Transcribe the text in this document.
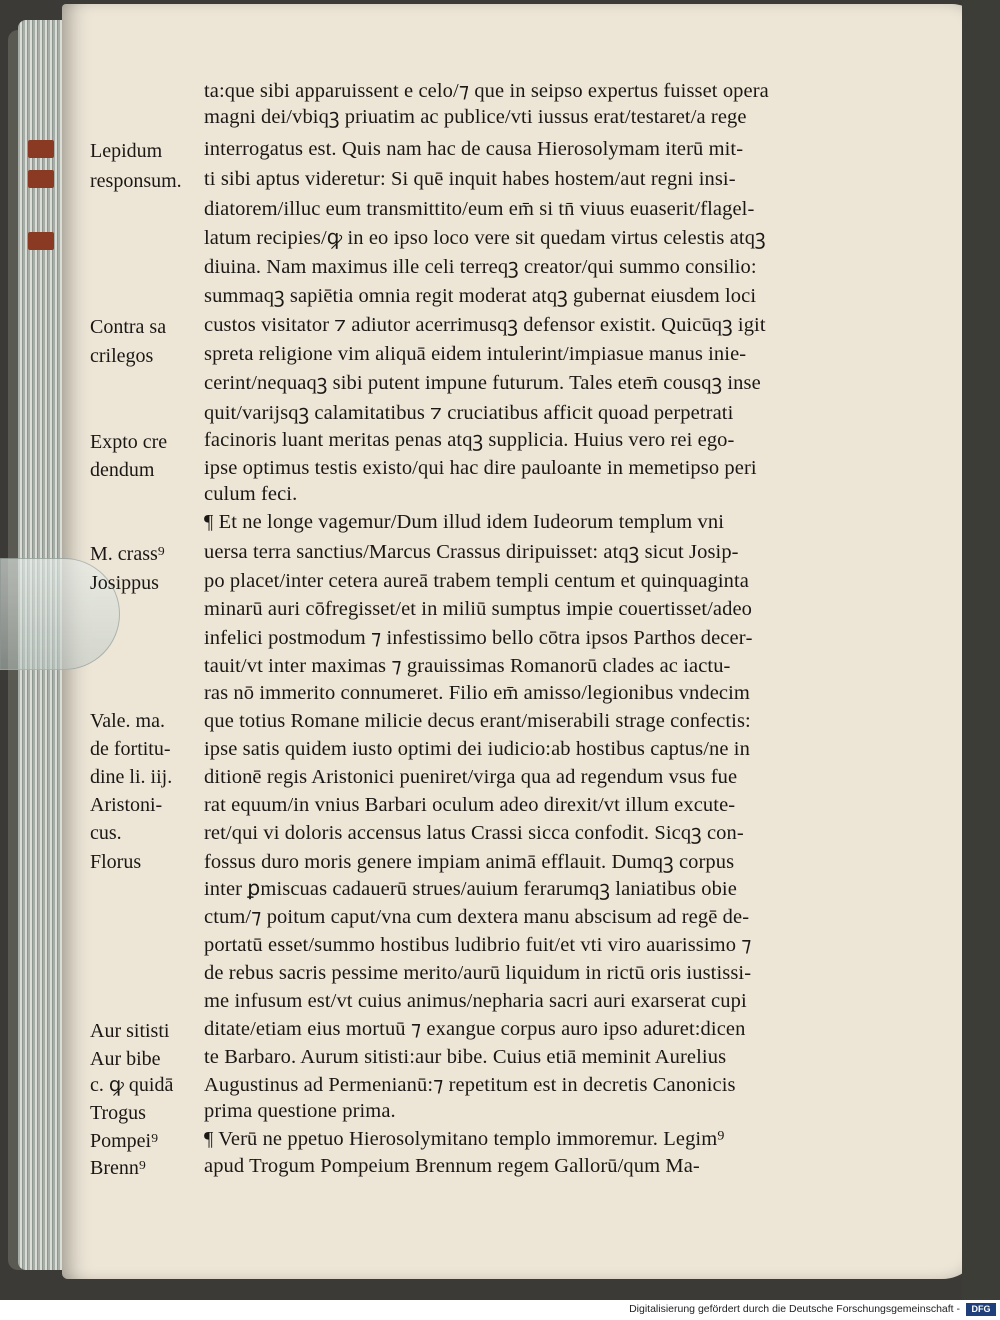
ta:que sibi apparuissent e celo/⁊ que in seipso expertus fuisset opera
magni dei/vbiqꝫ priuatim ac publice/vti iussus erat/testaret/a rege
interrogatus est. Quis nam hac de causa Hierosolymam iterū mit‑
ti sibi aptus videretur: Si quē inquit habes hostem/aut regni insi‑
diatorem/illuc eum transmittito/eum em̄ si tn̄ viuus euaserit/flagel‑
latum recipies/ꝙ in eo ipso loco vere sit quedam virtus celestis atqꝫ
diuina. Nam maximus ille celi terreqꝫ creator/qui summo consilio:
summaqꝫ sapiētia omnia regit moderat atqꝫ gubernat eiusdem loci
custos visitator ⁊ adiutor acerrimusqꝫ defensor existit. Quicūqꝫ igit
spreta religione vim aliquā eidem intulerint/impiasue manus inie‑
cerint/nequaqꝫ sibi putent impune futurum. Tales etem̄ cousqꝫ inse
quit/varijsqꝫ calamitatibus ⁊ cruciatibus afficit quoad perpetrati
facinoris luant meritas penas atqꝫ supplicia. Huius vero rei ego‑
ipse optimus testis existo/qui hac dire pauloante in memetipso peri
culum feci.
¶ Et ne longe vagemur/Dum illud idem Iudeorum templum vni
uersa terra sanctius/Marcus Crassus diripuisset: atqꝫ sicut Josip‑
po placet/inter cetera aureā trabem templi centum et quinquaginta
minarū auri cōfregisset/et in miliū sumptus impie couertisset/adeo
infelici postmodum ⁊ infestissimo bello cōtra ipsos Parthos decer‑
tauit/vt inter maximas ⁊ grauissimas Romanorū clades ac iactu‑
ras nō immerito connumeret. Filio em̄ amisso/legionibus vndecim
que totius Romane milicie decus erant/miserabili strage confectis:
ipse satis quidem iusto optimi dei iudicio:ab hostibus captus/ne in
ditionē regis Aristonici pueniret/virga qua ad regendum vsus fue
rat equum/in vnius Barbari oculum adeo direxit/vt illum excute‑
ret/qui vi doloris accensus latus Crassi sicca confodit. Sicqꝫ con‑
fossus duro moris genere impiam animā efflauit. Dumqꝫ corpus
inter ꝑmiscuas cadauerū strues/auium ferarumqꝫ laniatibus obie
ctum/⁊ poitum caput/vna cum dextera manu abscisum ad regē de‑
portatū esset/summo hostibus ludibrio fuit/et vti viro auarissimo ⁊
de rebus sacris pessime merito/aurū liquidum in rictū oris iustissi‑
me infusum est/vt cuius animus/nepharia sacri auri exarserat cupi
ditate/etiam eius mortuū ⁊ exangue corpus auro ipso aduret:dicen
te Barbaro. Aurum sitisti:aur bibe. Cuius etiā meminit Aurelius
Augustinus ad Permenianū:⁊ repetitum est in decretis Canonicis
prima questione prima.
¶ Verū ne ppetuo Hierosolymitano templo immoremur. Legim⁹
apud Trogum Pompeium Brennum regem Gallorū/qum Ma‑
Lepidum
responsum.
Contra sa
crilegos
Expto cre
dendum
M. crass⁹
Josippus
Vale. ma.
de fortitu‑
dine li. iij.
Aristoni‑
cus.
Florus
Aur sitisti
Aur bibe
c. ꝙ quidā
Trogus
Pompei⁹
Brenn⁹
Digitalisierung gefördert durch die Deutsche Forschungsgemeinschaft -	DFG
